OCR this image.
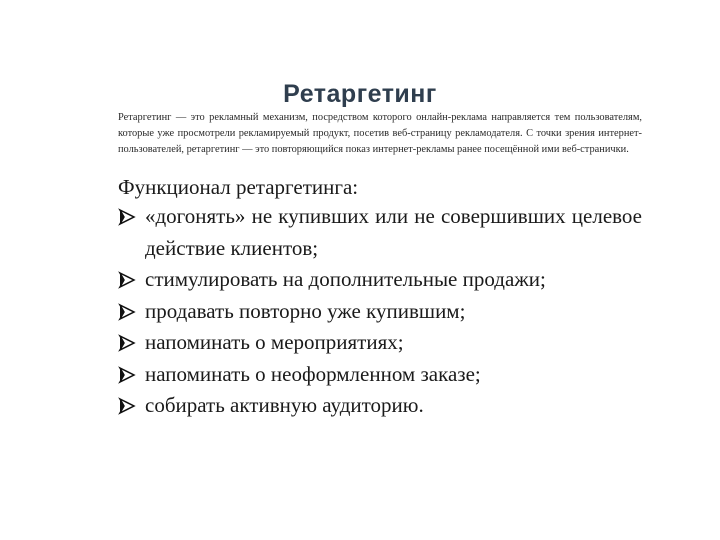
Ретаргетинг
Ретаргетинг — это рекламный механизм, посредством которого онлайн-реклама направляется тем пользователям, которые уже просмотрели рекламируемый продукт, посетив веб-страницу рекламодателя. С точки зрения интернет-пользователей, ретаргетинг — это повторяющийся показ интернет-рекламы ранее посещённой ими веб-странички.
Функционал ретаргетинга:
«догонять» не купивших или не совершивших целевое действие клиентов;
стимулировать на дополнительные продажи;
продавать повторно уже купившим;
напоминать о мероприятиях;
напоминать о неоформленном заказе;
собирать активную аудиторию.
